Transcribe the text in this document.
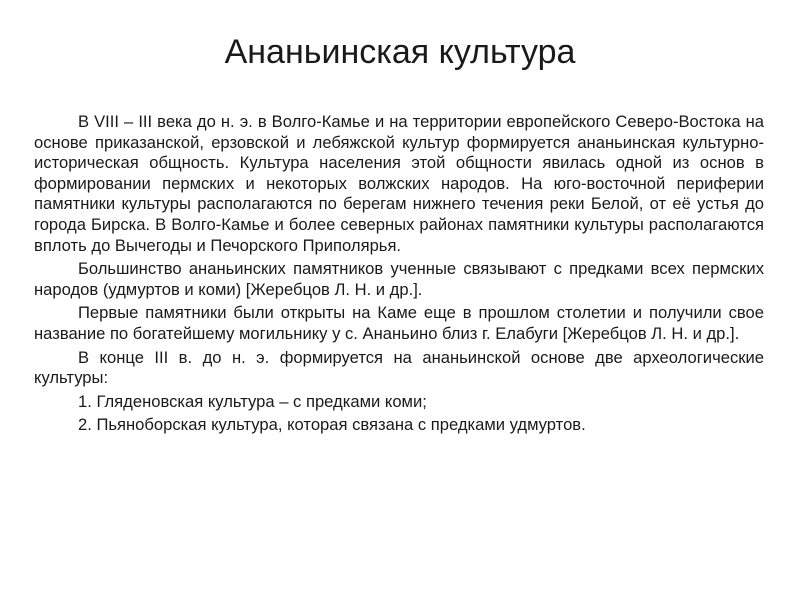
Ананьинская культура

В VIII – III века до н. э. в Волго-Камье и на территории европейского Северо-Востока на основе приказанской, ерзовской и лебяжской культур формируется ананьинская культурно-историческая общность. Культура населения этой общности явилась одной из основ в формировании пермских и некоторых волжских народов. На юго-восточной периферии памятники культуры располагаются по берегам нижнего течения реки Белой, от её устья до города Бирска. В Волго-Камье и более северных районах памятники культуры располагаются вплоть до Вычегоды и Печорского Приполярья.

Большинство ананьинских памятников ученные связывают с предками всех пермских народов (удмуртов и коми) [Жеребцов Л. Н. и др.].

Первые памятники были открыты на Каме еще в прошлом столетии и получили свое название по богатейшему могильнику у с. Ананьино близ г. Елабуги [Жеребцов Л. Н. и др.].

В конце III в. до н. э. формируется на ананьинской основе две археологические культуры:

1. Гляденовская культура – с предками коми;

2. Пьяноборская культура, которая связана с предками удмуртов.
